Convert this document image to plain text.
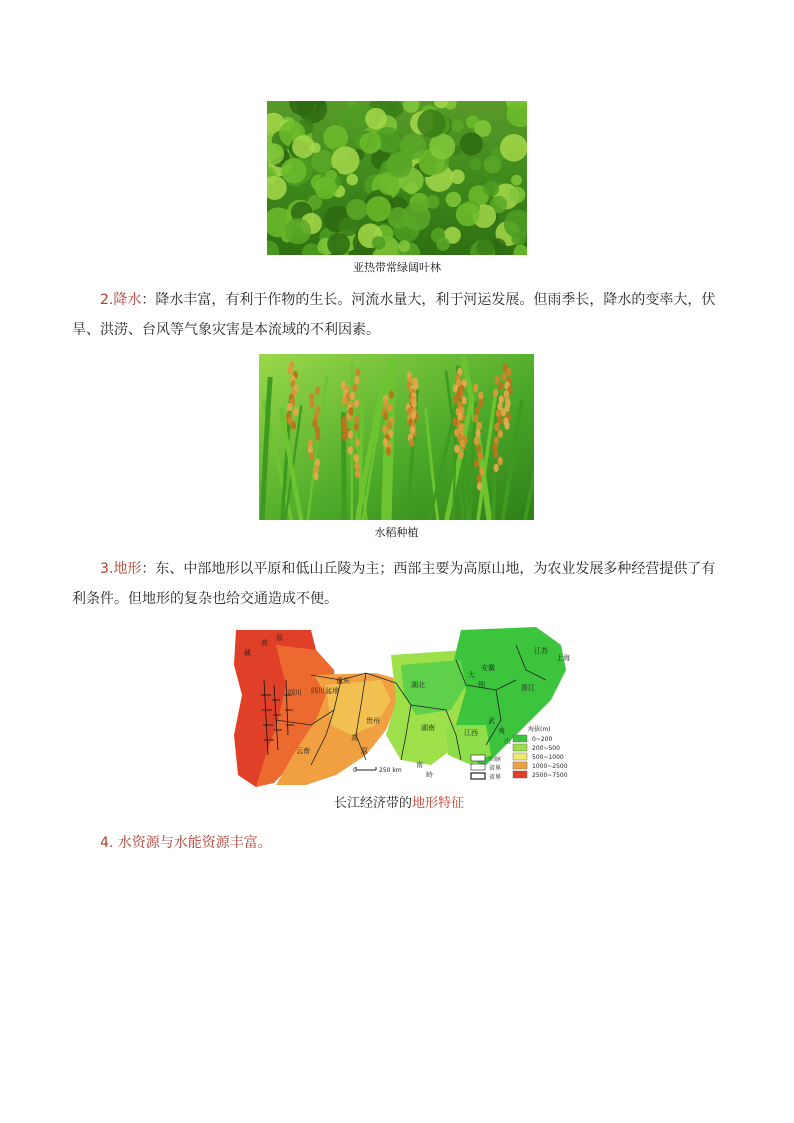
亚热带常绿阔叶林
2.降水：降水丰富，有利于作物的生长。河流水量大，利于河运发展。但雨季长，降水的变率大，伏
旱、洪涝、台风等气象灾害是本流域的不利因素。
水稻种植
3.地形：东、中部地形以平原和低山丘陵为主；西部主要为高原山地，为农业发展多种经营提供了有
利条件。但地形的复杂也给交通造成不便。
藏
高
原
四川 四川盆地
重庆	湖北
湖南
贵州
云南
高
原
江西
安徽
江苏
浙江
上海
武
夷
山
南
岭
大
别
0	250 km
海拔(m)
0~200
200~500
500~1000
1000~2500
2500~7500
山脉
省界
省界
长江经济带的地形特征
4. 水资源与水能资源丰富。
